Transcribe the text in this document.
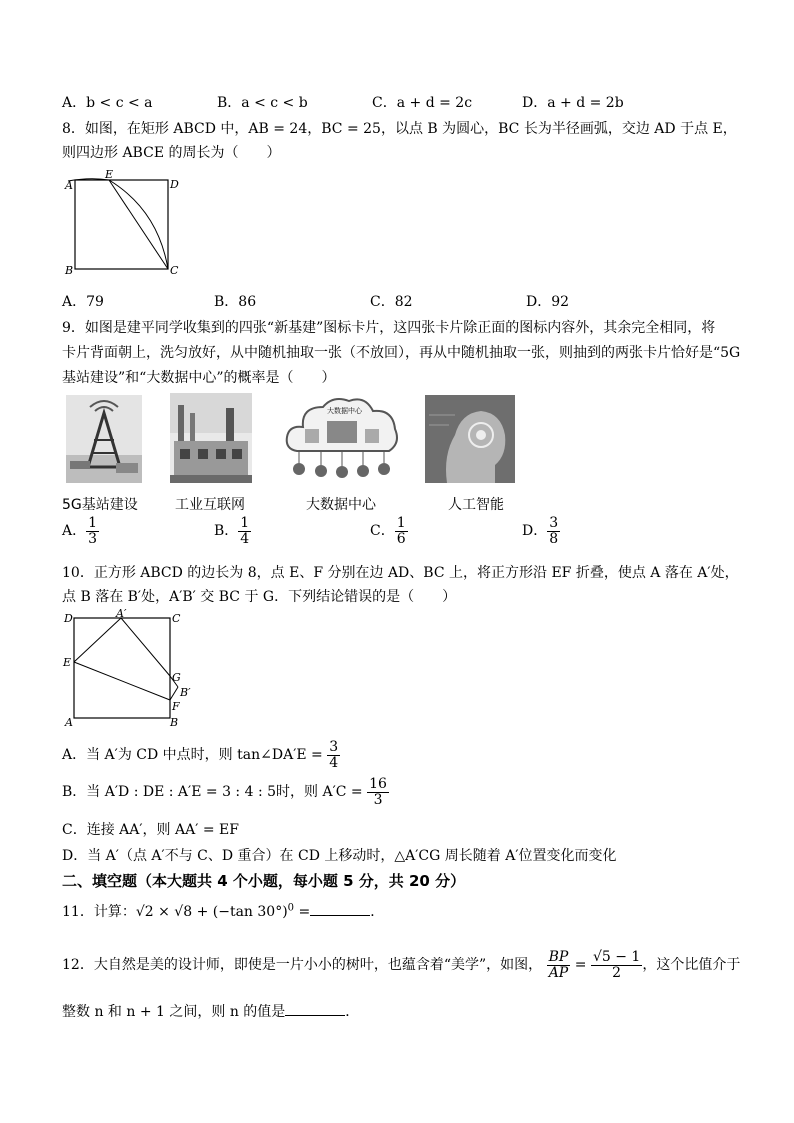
A．b < c < a	B．a < c < b	C．a + d = 2c	D．a + d = 2b
8．如图，在矩形 ABCD 中，AB = 24，BC = 25，以点 B 为圆心，BC 长为半径画弧，交边 AD 于点 E，
则四边形 ABCE 的周长为（　　）
A
E
D
B	C
A．79	B．86	C．82	D．92
9．如图是建平同学收集到的四张“新基建”图标卡片，这四张卡片除正面的图标内容外，其余完全相同，将
卡片背面朝上，洗匀放好，从中随机抽取一张（不放回），再从中随机抽取一张，则抽到的两张卡片恰好是“5G
基站建设”和“大数据中心”的概率是（　　）
大数据中心
5G基站建设	工业互联网	大数据中心	人工智能
A． $\frac{1}{3}$	B． $\frac{1}{4}$	C． $\frac{1}{6}$	D． $\frac{3}{8}$
10．正方形 ABCD 的边长为 8，点 E、F 分别在边 AD、BC 上，将正方形沿 EF 折叠，使点 A 落在 A′处，
点 B 落在 B′处，A′B′ 交 BC 于 G．下列结论错误的是（　　）
D	A′	C
E
G
B′
F
A	B
A．当 A′为 CD 中点时，则 tan∠DA′E = $\frac{3}{4}$
B．当 A′D : DE : A′E = 3 : 4 : 5时，则 $A'C = \frac{16}{3}$
C．连接 AA′，则 AA′ = EF
D．当 A′（点 A′不与 C、D 重合）在 CD 上移动时，△A′CG 周长随着 A′位置变化而变化
二、填空题（本大题共 4 个小题，每小题 5 分，共 20 分）
11．计算：√2 × √8 + (−tan 30°)$^0$ =	．
12．大自然是美的设计师，即使是一片小小的树叶，也蕴含着“美学”，如图， $\frac{BP}{AP} = \frac{√5 - 1}{2}$ ，这个比值介于
整数 n 和 n + 1 之间，则 n 的值是	．
